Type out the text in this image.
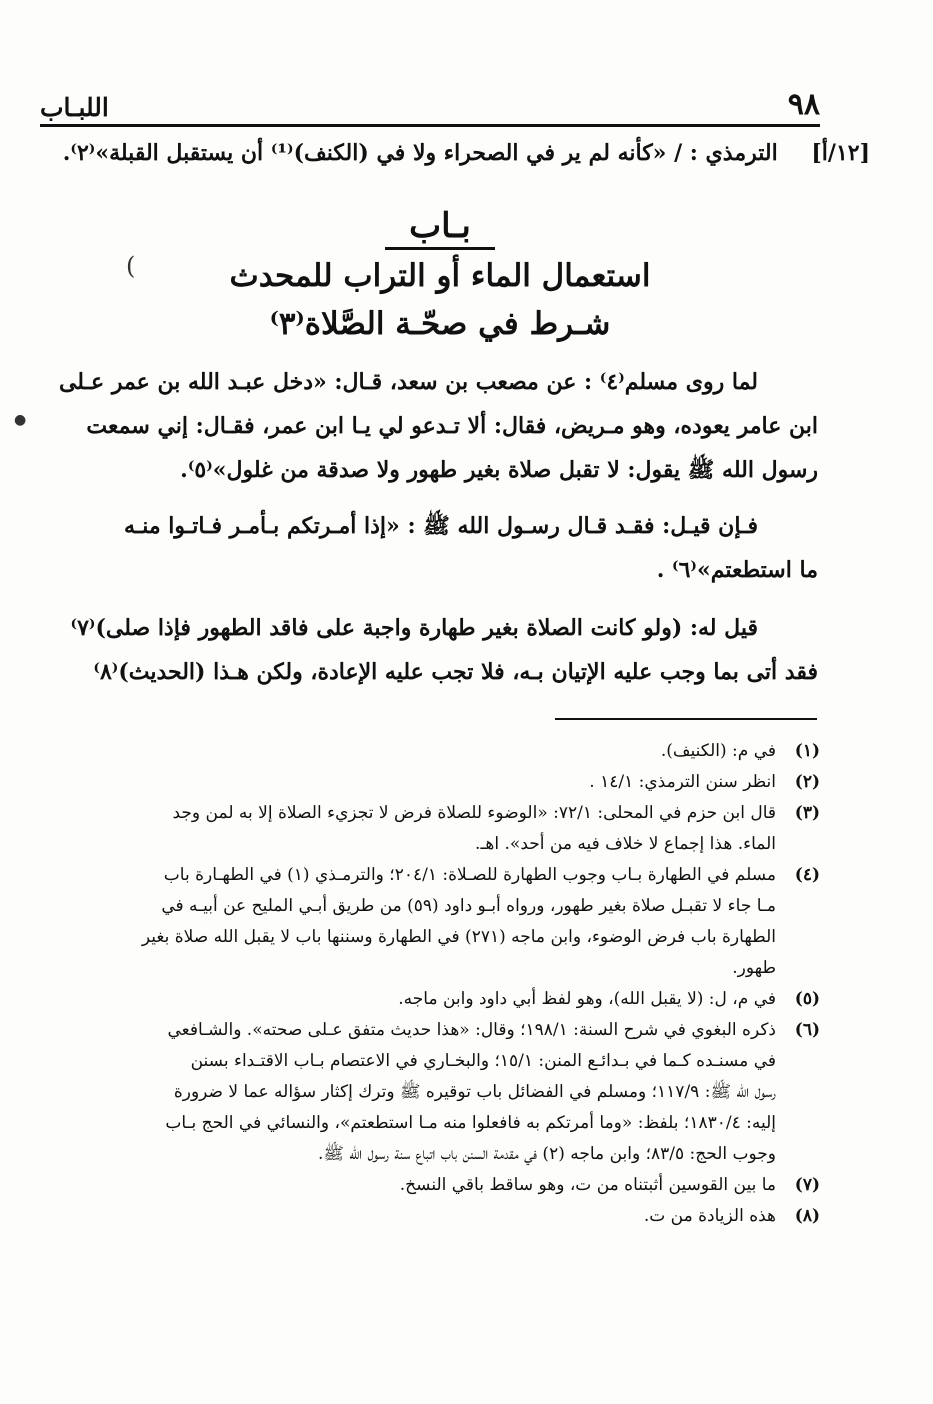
٩٨
اللبـاب
[١٢/أ] الترمذي : / «كأنه لم ير في الصحراء ولا في (الكنف)⁽¹⁾ أن يستقبل القبلة»⁽٢⁾.
بـاب
استعمال الماء أو التراب للمحدث
شـرط في صحّـة الصَّلاة⁽٣⁾
لما روى مسلم⁽٤⁾ : عن مصعب بن سعد، قـال: «دخل عبـد الله بن عمر عـلى
ابن عامر يعوده، وهو مـريض، فقال: ألا تـدعو لي يـا ابن عمر، فقـال: إني سمعت
رسول الله ﷺ يقول: لا تقبل صلاة بغير طهور ولا صدقة من غلول»⁽٥⁾.
فـإن قيـل: فقـد قـال رسـول الله ﷺ : «إذا أمـرتكم بـأمـر فـاتـوا منـه
ما استطعتم»⁽٦⁾ .
قيل له: (ولو كانت الصلاة بغير طهارة واجبة على فاقد الطهور فإذا صلى)⁽٧⁾
فقد أتى بما وجب عليه الإتيان بـه، فلا تجب عليه الإعادة، ولكن هـذا (الحديث)⁽٨⁾
(١)
في م: (الكنيف).
(٢)
انظر سنن الترمذي: ١٤/١ .
(٣)
قال ابن حزم في المحلى: ٧٢/١: «الوضوء للصلاة فرض لا تجزيء الصلاة إلا به لمن وجد
الماء. هذا إجماع لا خلاف فيه من أحد». اهـ.
(٤)
مسلم في الطهارة بـاب وجوب الطهارة للصـلاة: ٢٠٤/١؛ والترمـذي (١) في الطهـارة باب
مـا جاء لا تقبـل صلاة بغير طهور، ورواه أبـو داود (٥٩) من طريق أبـي المليح عن أبيـه في
الطهارة باب فرض الوضوء، وابن ماجه (٢٧١) في الطهارة وسننها باب لا يقبل الله صلاة بغير
طهور.
(٥)
في م، ل: (لا يقبل الله)، وهو لفظ أبي داود وابن ماجه.
(٦)
ذكره البغوي في شرح السنة: ١٩٨/١؛ وقال: «هذا حديث متفق عـلى صحته». والشـافعي
في مسنـده كـما في بـدائـع المنن: ١٥/١؛ والبخـاري في الاعتصام بـاب الاقتـداء بسنن
رسول الله ﷺ: ١١٧/٩؛ ومسلم في الفضائل باب توقيره ﷺ وترك إكثار سؤاله عما لا ضرورة
إليه: ١٨٣٠/٤؛ بلفظ: «وما أمرتكم به فافعلوا منه مـا استطعتم»، والنسائي في الحج بـاب
وجوب الحج: ٨٣/٥؛ وابن ماجه (٢) في مقدمة السنن باب اتباع سنة رسول الله ﷺ.
(٧)
ما بين القوسين أثبتناه من ت، وهو ساقط باقي النسخ.
(٨)
هذه الزيادة من ت.
(
●
